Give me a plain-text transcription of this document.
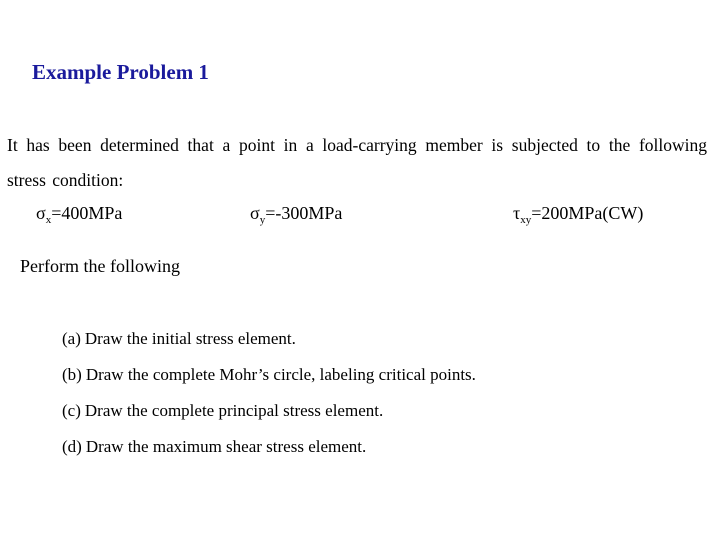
Example Problem 1
It has been determined that a point in a load-carrying member is subjected to the following stress condition:
$\sigma_x=400MPa$	$\sigma_y=-300MPa$	$\tau_{xy}=200MPa(CW)$
Perform the following
(a) Draw the initial stress element.
(b) Draw the complete Mohr’s circle, labeling critical points.
(c) Draw the complete principal stress element.
(d) Draw the maximum shear stress element.
